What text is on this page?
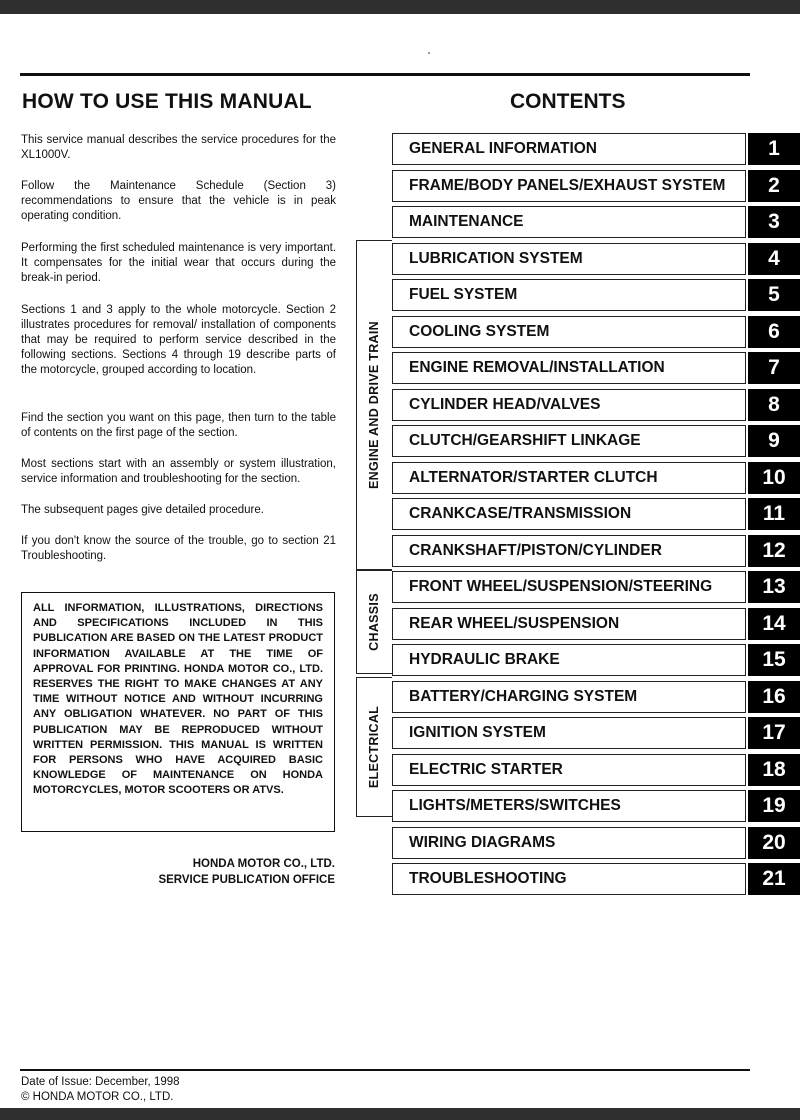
HOW TO USE THIS MANUAL	CONTENTS

This service manual describes the service procedures for the XL1000V.

Follow the Maintenance Schedule (Section 3) recommendations to ensure that the vehicle is in peak operating condition.

Performing the first scheduled maintenance is very important. It compensates for the initial wear that occurs during the break-in period.

Sections 1 and 3 apply to the whole motorcycle. Section 2 illustrates procedures for removal/ installation of components that may be required to perform service described in the following sections. Sections 4 through 19 describe parts of the motorcycle, grouped according to location.

Find the section you want on this page, then turn to the table of contents on the first page of the section.

Most sections start with an assembly or system illustration, service information and troubleshooting for the section.

The subsequent pages give detailed procedure.

If you don't know the source of the trouble, go to section 21 Troubleshooting.

ALL INFORMATION, ILLUSTRATIONS, DIRECTIONS AND SPECIFICATIONS INCLUDED IN THIS PUBLICATION ARE BASED ON THE LATEST PRODUCT INFORMATION AVAILABLE AT THE TIME OF APPROVAL FOR PRINTING. HONDA MOTOR CO., LTD. RESERVES THE RIGHT TO MAKE CHANGES AT ANY TIME WITHOUT NOTICE AND WITHOUT INCURRING ANY OBLIGATION WHATEVER. NO PART OF THIS PUBLICATION MAY BE REPRODUCED WITHOUT WRITTEN PERMISSION. THIS MANUAL IS WRITTEN FOR PERSONS WHO HAVE ACQUIRED BASIC KNOWLEDGE OF MAINTENANCE ON HONDA MOTORCYCLES, MOTOR SCOOTERS OR ATVS.
HONDA MOTOR CO., LTD.
SERVICE PUBLICATION OFFICE
ENGINE AND DRIVE TRAIN
CHASSIS
ELECTRICAL
GENERAL INFORMATION	1
FRAME/BODY PANELS/EXHAUST SYSTEM	2
MAINTENANCE	3
LUBRICATION SYSTEM	4
FUEL SYSTEM	5
COOLING SYSTEM	6
ENGINE REMOVAL/INSTALLATION	7
CYLINDER HEAD/VALVES	8
CLUTCH/GEARSHIFT LINKAGE	9
ALTERNATOR/STARTER CLUTCH	10
CRANKCASE/TRANSMISSION	11
CRANKSHAFT/PISTON/CYLINDER	12
FRONT WHEEL/SUSPENSION/STEERING	13
REAR WHEEL/SUSPENSION	14
HYDRAULIC BRAKE	15
BATTERY/CHARGING SYSTEM	16
IGNITION SYSTEM	17
ELECTRIC STARTER	18
LIGHTS/METERS/SWITCHES	19
WIRING DIAGRAMS	20
TROUBLESHOOTING	21
Date of Issue: December, 1998
© HONDA MOTOR CO., LTD.
